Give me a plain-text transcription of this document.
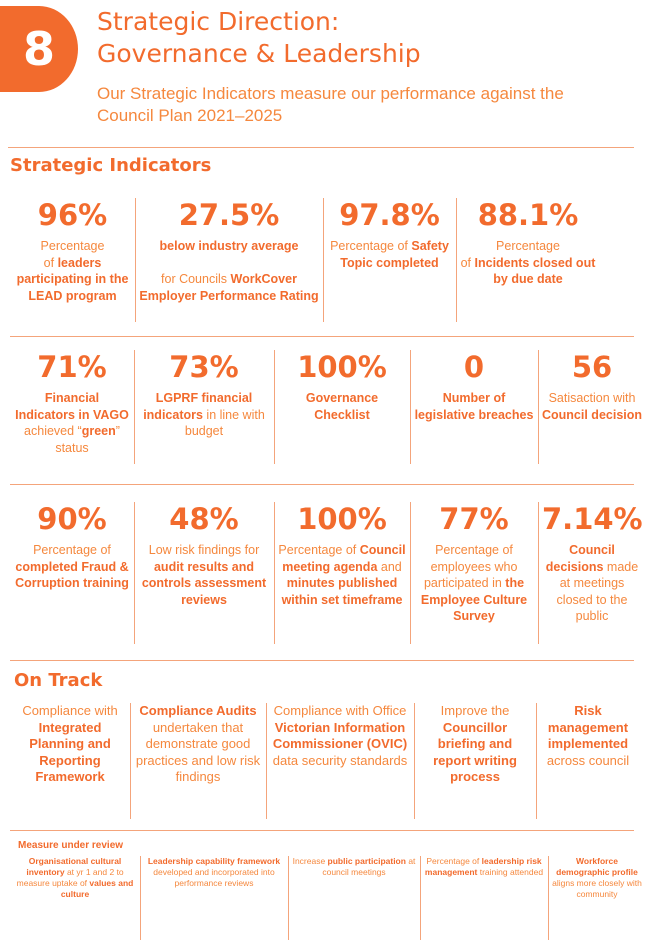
8
Strategic Direction:
Governance & Leadership
Our Strategic Indicators measure our performance against the
Council Plan 2021–2025
Strategic Indicators
96%
Percentage
of leaders participating in the LEAD program
27.5%
below industry average

for Councils WorkCover Employer Performance Rating
97.8%
Percentage of Safety Topic completed
88.1%
Percentage
of Incidents closed out by due date
71%
Financial Indicators in VAGO achieved “green” status
73%
LGPRF financial indicators in line with budget
100%
Governance Checklist
0
Number of legislative breaches
56
Satisaction with Council decision
90%
Percentage of completed Fraud & Corruption training
48%
Low risk findings for audit results and controls assessment reviews
100%
Percentage of Council meeting agenda and minutes published within set timeframe
77%
Percentage of employees who participated in the Employee Culture Survey
7.14%
Council decisions made at meetings closed to the public
On Track
Compliance with Integrated Planning and Reporting Framework
Compliance Audits undertaken that demonstrate good practices and low risk findings
Compliance with Office Victorian Information Commissioner (OVIC) data security standards
Improve the Councillor briefing and report writing process
Risk management implemented across council
Measure under review
Organisational cultural inventory at yr 1 and 2 to measure uptake of values and culture
Leadership capability framework developed and incorporated into performance reviews
Increase public participation at council meetings
Percentage of leadership risk management training attended
Workforce demographic profile aligns more closely with community
